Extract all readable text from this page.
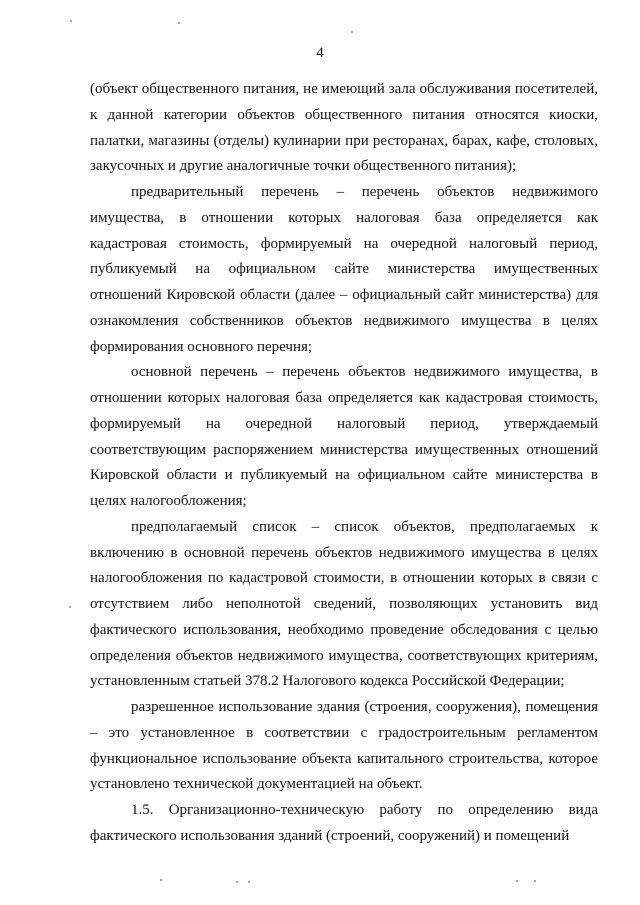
4

(объект общественного питания, не имеющий зала обслуживания посетителей, к данной категории объектов общественного питания относятся киоски, палатки, магазины (отделы) кулинарии при ресторанах, барах, кафе, столовых, закусочных и другие аналогичные точки общественного питания);

предварительный перечень – перечень объектов недвижимого имущества, в отношении которых налоговая база определяется как кадастровая стоимость, формируемый на очередной налоговый период, публикуемый на официальном сайте министерства имущественных отношений Кировской области (далее – официальный сайт министерства) для ознакомления собственников объектов недвижимого имущества в целях формирования основного перечня;

основной перечень – перечень объектов недвижимого имущества, в отношении которых налоговая база определяется как кадастровая стоимость, формируемый на очередной налоговый период, утверждаемый соответствующим распоряжением министерства имущественных отношений Кировской области и публикуемый на официальном сайте министерства в целях налогообложения;

предполагаемый список – список объектов, предполагаемых к включению в основной перечень объектов недвижимого имущества в целях налогообложения по кадастровой стоимости, в отношении которых в связи с отсутствием либо неполнотой сведений, позволяющих установить вид фактического использования, необходимо проведение обследования с целью определения объектов недвижимого имущества, соответствующих критериям, установленным статьей 378.2 Налогового кодекса Российской Федерации;

разрешенное использование здания (строения, сооружения), помещения – это установленное в соответствии с градостроительным регламентом функциональное использование объекта капитального строительства, которое установлено технической документацией на объект.

1.5. Организационно-техническую работу по определению вида фактического использования зданий (строений, сооружений) и помещений
